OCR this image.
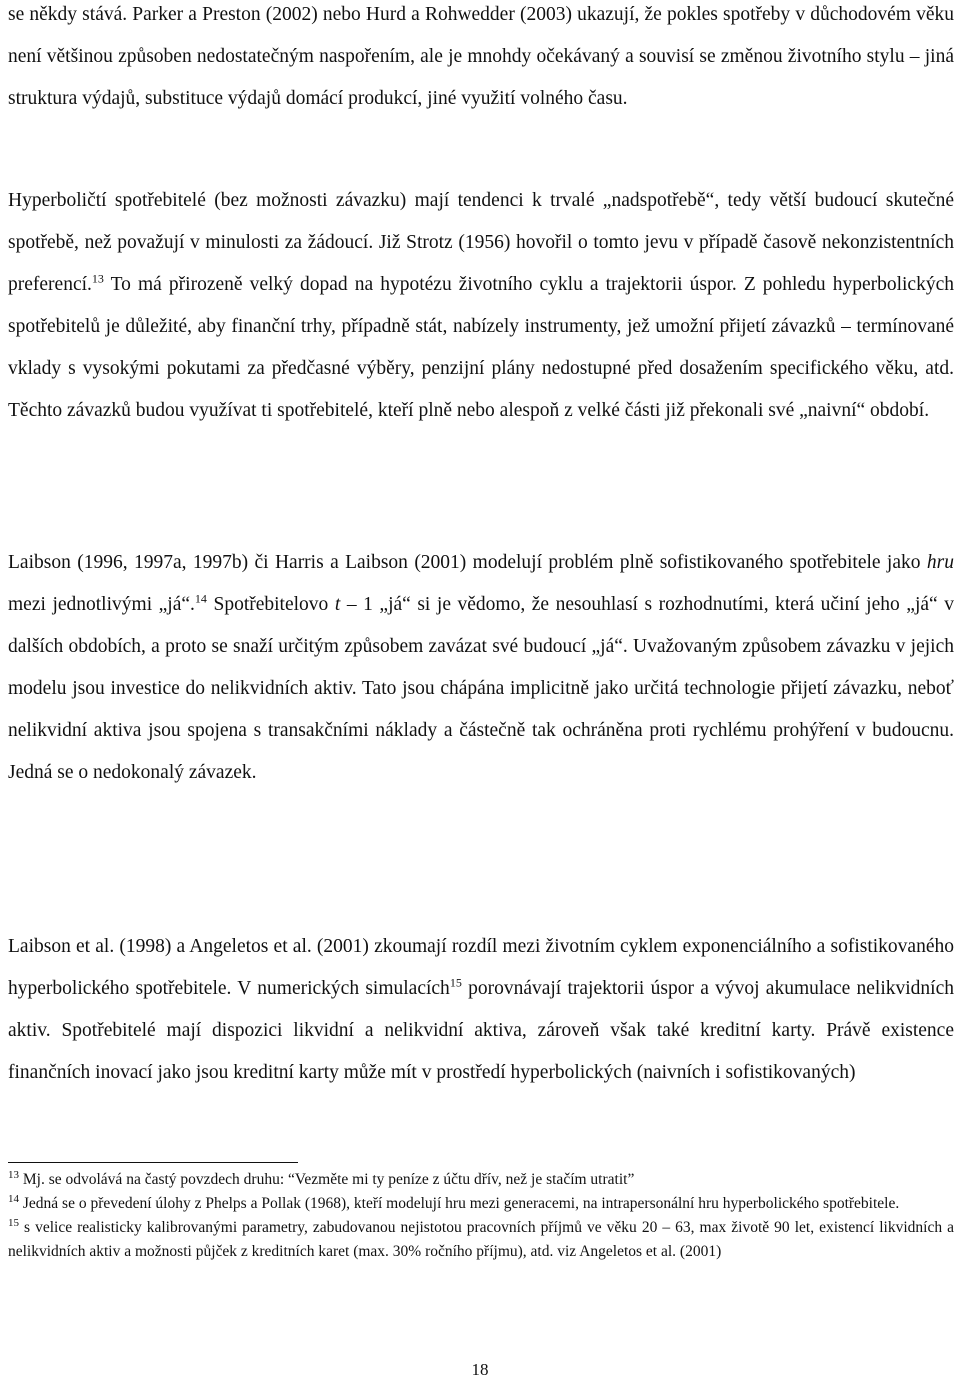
se někdy stává. Parker a Preston (2002) nebo Hurd a Rohwedder (2003) ukazují, že pokles spotřeby v důchodovém věku není většinou způsoben nedostatečným naspořením, ale je mnohdy očekávaný a souvisí se změnou životního stylu – jiná struktura výdajů, substituce výdajů domácí produkcí, jiné využití volného času.

Hyperboličtí spotřebitelé (bez možnosti závazku) mají tendenci k trvalé „nadspotřebě“, tedy větší budoucí skutečné spotřebě, než považují v minulosti za žádoucí. Již Strotz (1956) hovořil o tomto jevu v případě časově nekonzistentních preferencí.$^{13}$ To má přirozeně velký dopad na hypotézu životního cyklu a trajektorii úspor. Z pohledu hyperbolických spotřebitelů je důležité, aby finanční trhy, případně stát, nabízely instrumenty, jež umožní přijetí závazků – termínované vklady s vysokými pokutami za předčasné výběry, penzijní plány nedostupné před dosažením specifického věku, atd. Těchto závazků budou využívat ti spotřebitelé, kteří plně nebo alespoň z velké části již překonali své „naivní“ období.

Laibson (1996, 1997a, 1997b) či Harris a Laibson (2001) modelují problém plně sofistikovaného spotřebitele jako hru mezi jednotlivými „já“.$^{14}$ Spotřebitelovo t – 1 „já“ si je vědomo, že nesouhlasí s rozhodnutími, která učiní jeho „já“ v dalších obdobích, a proto se snaží určitým způsobem zavázat své budoucí „já“. Uvažovaným způsobem závazku v jejich modelu jsou investice do nelikvidních aktiv. Tato jsou chápána implicitně jako určitá technologie přijetí závazku, neboť nelikvidní aktiva jsou spojena s transakčními náklady a částečně tak ochráněna proti rychlému prohýření v budoucnu. Jedná se o nedokonalý závazek.

Laibson et al. (1998) a Angeletos et al. (2001) zkoumají rozdíl mezi životním cyklem exponenciálního a sofistikovaného hyperbolického spotřebitele. V numerických simulacích$^{15}$ porovnávají trajektorii úspor a vývoj akumulace nelikvidních aktiv. Spotřebitelé mají dispozici likvidní a nelikvidní aktiva, zároveň však také kreditní karty. Právě existence finančních inovací jako jsou kreditní karty může mít v prostředí hyperbolických (naivních i sofistikovaných)

$^{13}$ Mj. se odvolává na častý povzdech druhu: “Vezměte mi ty peníze z účtu dřív, než je stačím utratit”

$^{14}$ Jedná se o převedení úlohy z Phelps a Pollak (1968), kteří modelují hru mezi generacemi, na intrapersonální hru hyperbolického spotřebitele.

$^{15}$ s velice realisticky kalibrovanými parametry, zabudovanou nejistotou pracovních příjmů ve věku 20 – 63, max životě 90 let, existencí likvidních a nelikvidních aktiv a možnosti půjček z kreditních karet (max. 30% ročního příjmu), atd. viz Angeletos et al. (2001)

18
